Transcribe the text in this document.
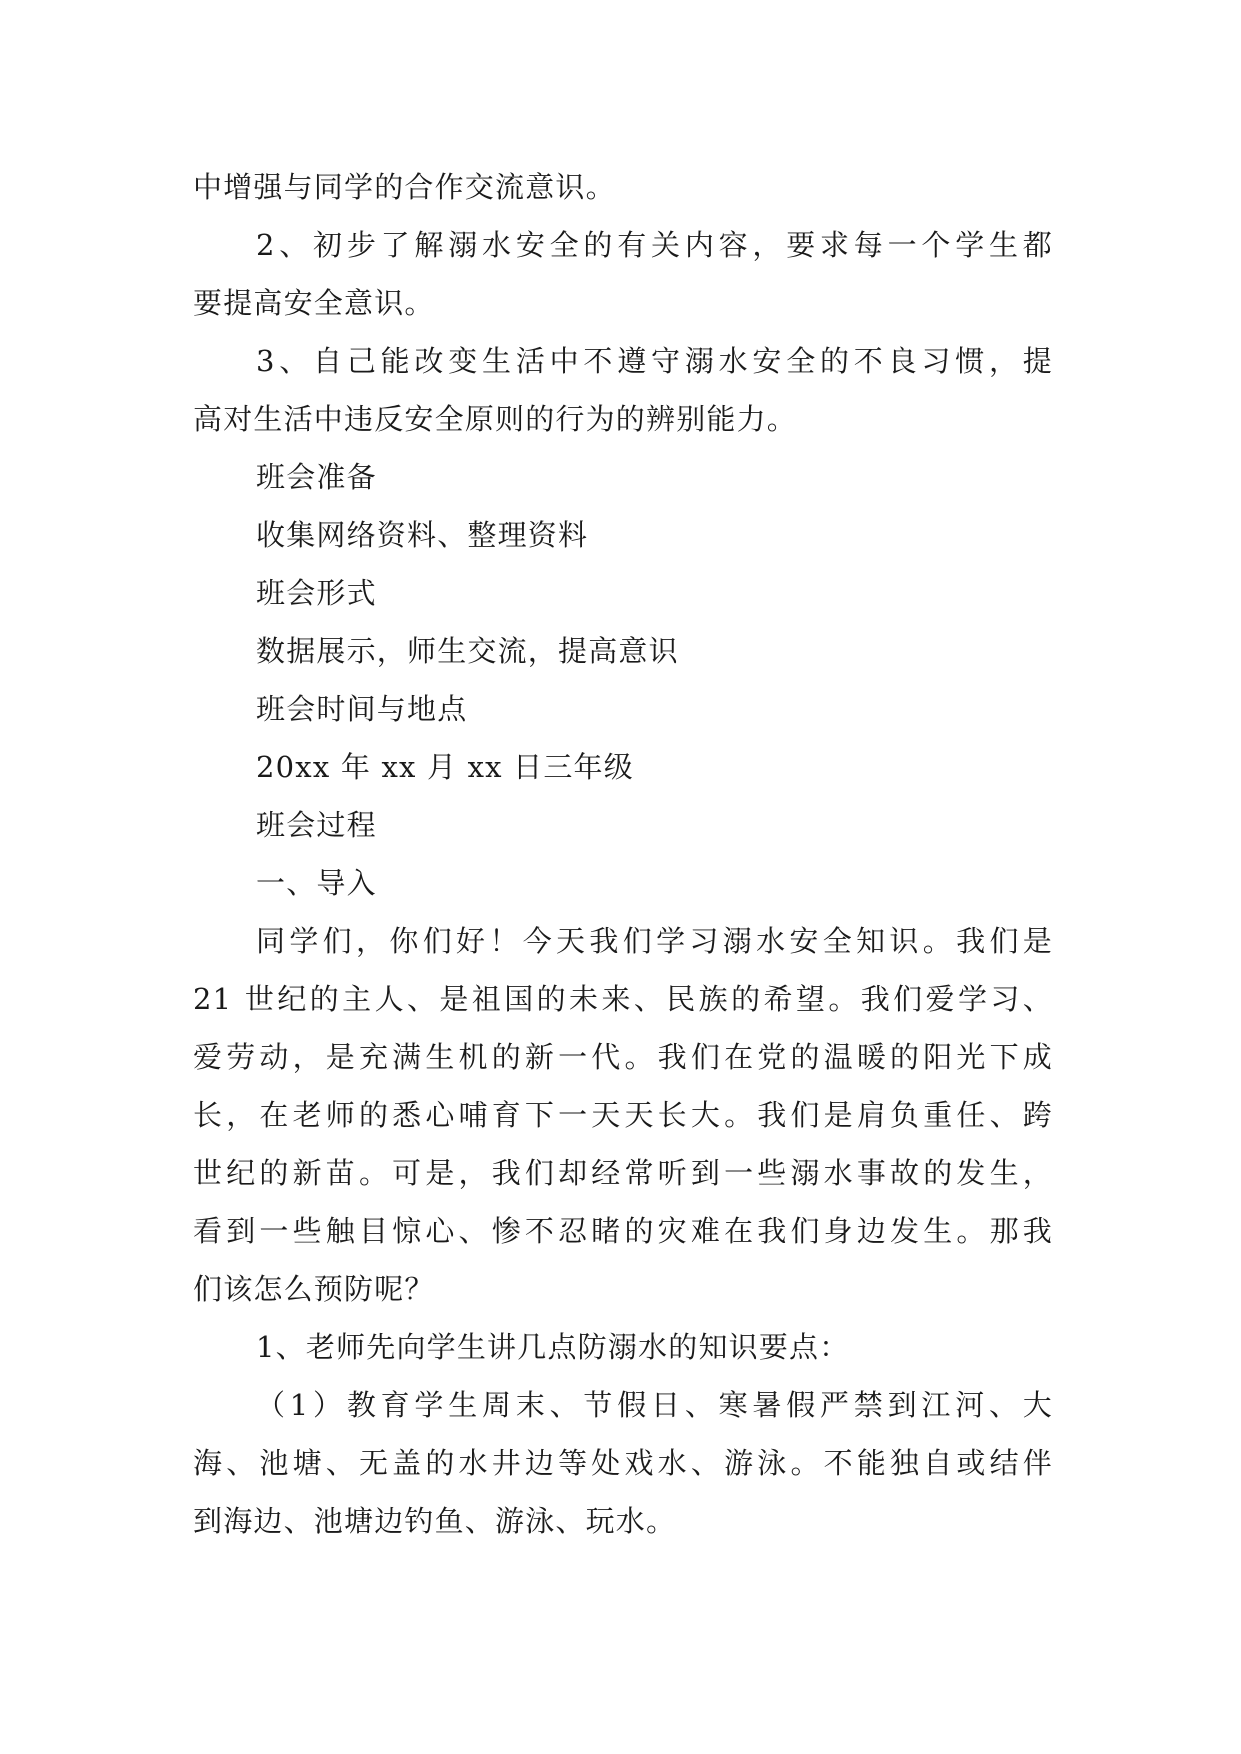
中增强与同学的合作交流意识。
2、初步了解溺水安全的有关内容，要求每一个学生都
要提高安全意识。
3、自己能改变生活中不遵守溺水安全的不良习惯，提
高对生活中违反安全原则的行为的辨别能力。
班会准备
收集网络资料、整理资料
班会形式
数据展示，师生交流，提高意识
班会时间与地点
20xx 年 xx 月 xx 日三年级
班会过程
一、导入
同学们，你们好！今天我们学习溺水安全知识。我们是
21 世纪的主人、是祖国的未来、民族的希望。我们爱学习、
爱劳动，是充满生机的新一代。我们在党的温暖的阳光下成
长，在老师的悉心哺育下一天天长大。我们是肩负重任、跨
世纪的新苗。可是，我们却经常听到一些溺水事故的发生，
看到一些触目惊心、惨不忍睹的灾难在我们身边发生。那我
们该怎么预防呢？
1、老师先向学生讲几点防溺水的知识要点：
（1）教育学生周末、节假日、寒暑假严禁到江河、大
海、池塘、无盖的水井边等处戏水、游泳。不能独自或结伴
到海边、池塘边钓鱼、游泳、玩水。
